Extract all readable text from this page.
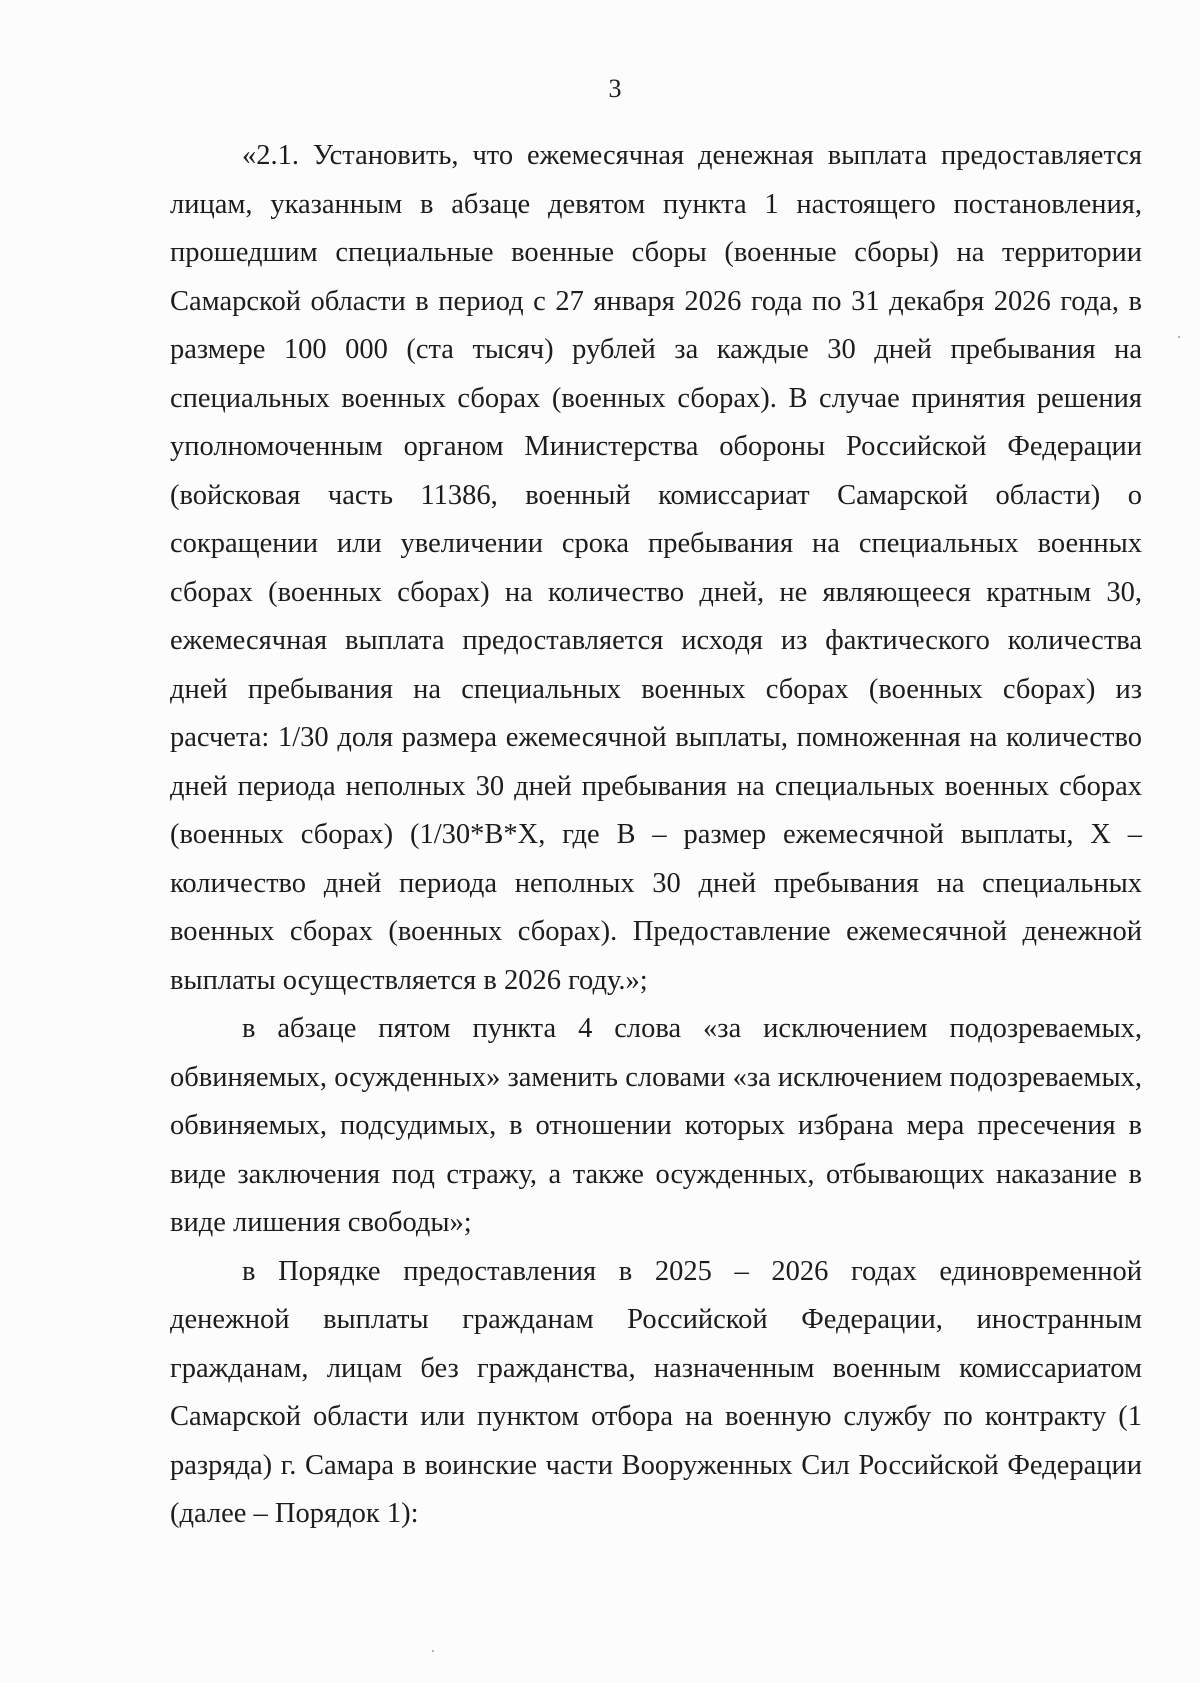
3

«2.1. Установить, что ежемесячная денежная выплата предоставляется лицам, указанным в абзаце девятом пункта 1 настоящего постановления, прошедшим специальные военные сборы (военные сборы) на территории Самарской области в период с 27 января 2026 года по 31 декабря 2026 года, в размере 100 000 (ста тысяч) рублей за каждые 30 дней пребывания на специальных военных сборах (военных сборах). В случае принятия решения уполномоченным органом Министерства обороны Российской Федерации (войсковая часть 11386, военный комиссариат Самарской области) о сокращении или увеличении срока пребывания на специальных военных сборах (военных сборах) на количество дней, не являющееся кратным 30, ежемесячная выплата предоставляется исходя из фактического количества дней пребывания на специальных военных сборах (военных сборах) из расчета: 1/30 доля размера ежемесячной выплаты, помноженная на количество дней периода неполных 30 дней пребывания на специальных военных сборах (военных сборах) (1/30*В*Х, где В – размер ежемесячной выплаты, Х – количество дней периода неполных 30 дней пребывания на специальных военных сборах (военных сборах). Предоставление ежемесячной денежной выплаты осуществляется в 2026 году.»;

в абзаце пятом пункта 4 слова «за исключением подозреваемых, обвиняемых, осужденных» заменить словами «за исключением подозреваемых, обвиняемых, подсудимых, в отношении которых избрана мера пресечения в виде заключения под стражу, а также осужденных, отбывающих наказание в виде лишения свободы»;

в Порядке предоставления в 2025 – 2026 годах единовременной денежной выплаты гражданам Российской Федерации, иностранным гражданам, лицам без гражданства, назначенным военным комиссариатом Самарской области или пунктом отбора на военную службу по контракту (1 разряда) г. Самара в воинские части Вооруженных Сил Российской Федерации (далее – Порядок 1):
